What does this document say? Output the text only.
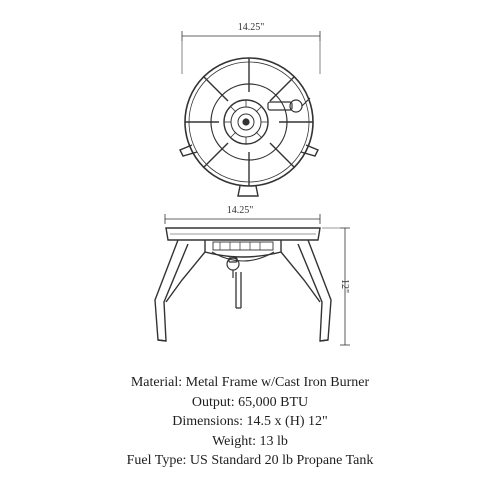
14.25"
14.25"
12"
Material: Metal Frame w/Cast Iron Burner
Output: 65,000 BTU
Dimensions: 14.5 x (H) 12"
Weight: 13 lb
Fuel Type: US Standard 20 lb Propane Tank
